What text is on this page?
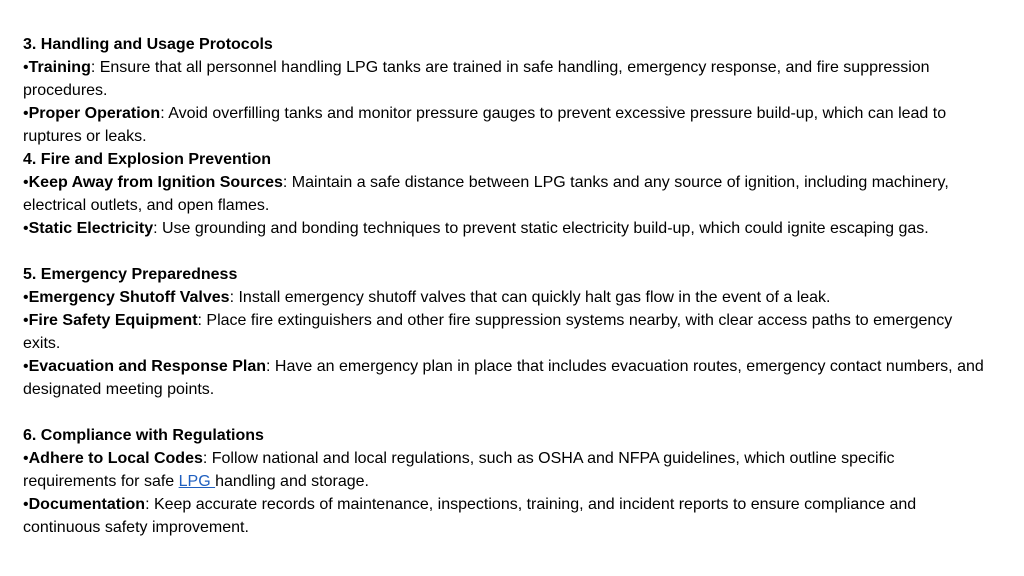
3. Handling and Usage Protocols
•Training: Ensure that all personnel handling LPG tanks are trained in safe handling, emergency response, and fire suppression procedures.
•Proper Operation: Avoid overfilling tanks and monitor pressure gauges to prevent excessive pressure build-up, which can lead to ruptures or leaks.
4. Fire and Explosion Prevention
•Keep Away from Ignition Sources: Maintain a safe distance between LPG tanks and any source of ignition, including machinery, electrical outlets, and open flames.
•Static Electricity: Use grounding and bonding techniques to prevent static electricity build-up, which could ignite escaping gas.
5. Emergency Preparedness
•Emergency Shutoff Valves: Install emergency shutoff valves that can quickly halt gas flow in the event of a leak.
•Fire Safety Equipment: Place fire extinguishers and other fire suppression systems nearby, with clear access paths to emergency exits.
•Evacuation and Response Plan: Have an emergency plan in place that includes evacuation routes, emergency contact numbers, and designated meeting points.
6. Compliance with Regulations
•Adhere to Local Codes: Follow national and local regulations, such as OSHA and NFPA guidelines, which outline specific requirements for safe LPG handling and storage.
•Documentation: Keep accurate records of maintenance, inspections, training, and incident reports to ensure compliance and continuous safety improvement.
